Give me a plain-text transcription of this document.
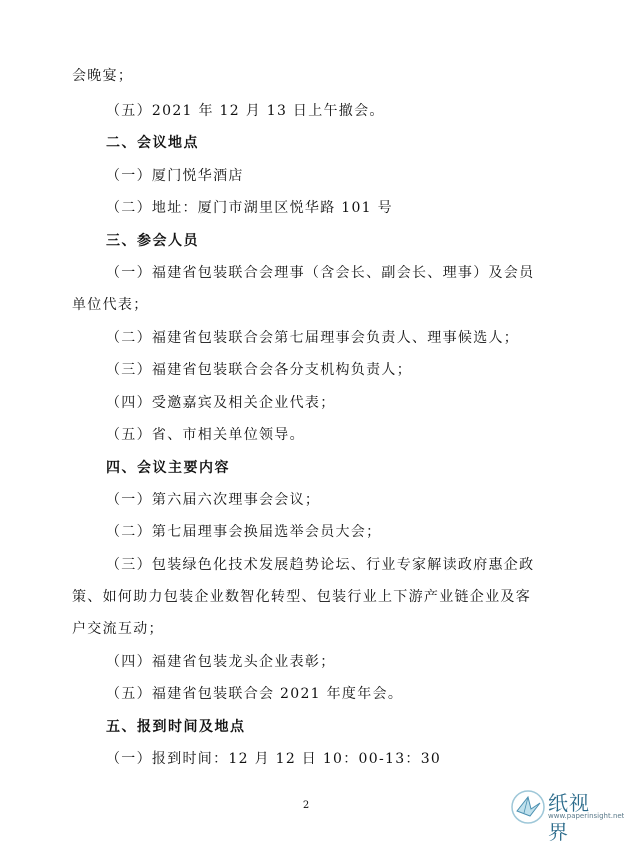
会晚宴；
（五）2021 年 12 月 13 日上午撤会。
二、会议地点
（一）厦门悦华酒店
（二）地址：厦门市湖里区悦华路 101 号
三、参会人员
（一）福建省包装联合会理事（含会长、副会长、理事）及会员
单位代表；
（二）福建省包装联合会第七届理事会负责人、理事候选人；
（三）福建省包装联合会各分支机构负责人；
（四）受邀嘉宾及相关企业代表；
（五）省、市相关单位领导。
四、会议主要内容
（一）第六届六次理事会会议；
（二）第七届理事会换届选举会员大会；
（三）包装绿色化技术发展趋势论坛、行业专家解读政府惠企政
策、如何助力包装企业数智化转型、包装行业上下游产业链企业及客
户交流互动；
（四）福建省包装龙头企业表彰；
（五）福建省包装联合会 2021 年度年会。
五、报到时间及地点
（一）报到时间：12 月 12 日 10：00-13：30
2	纸视界
www.paperinsight.net
